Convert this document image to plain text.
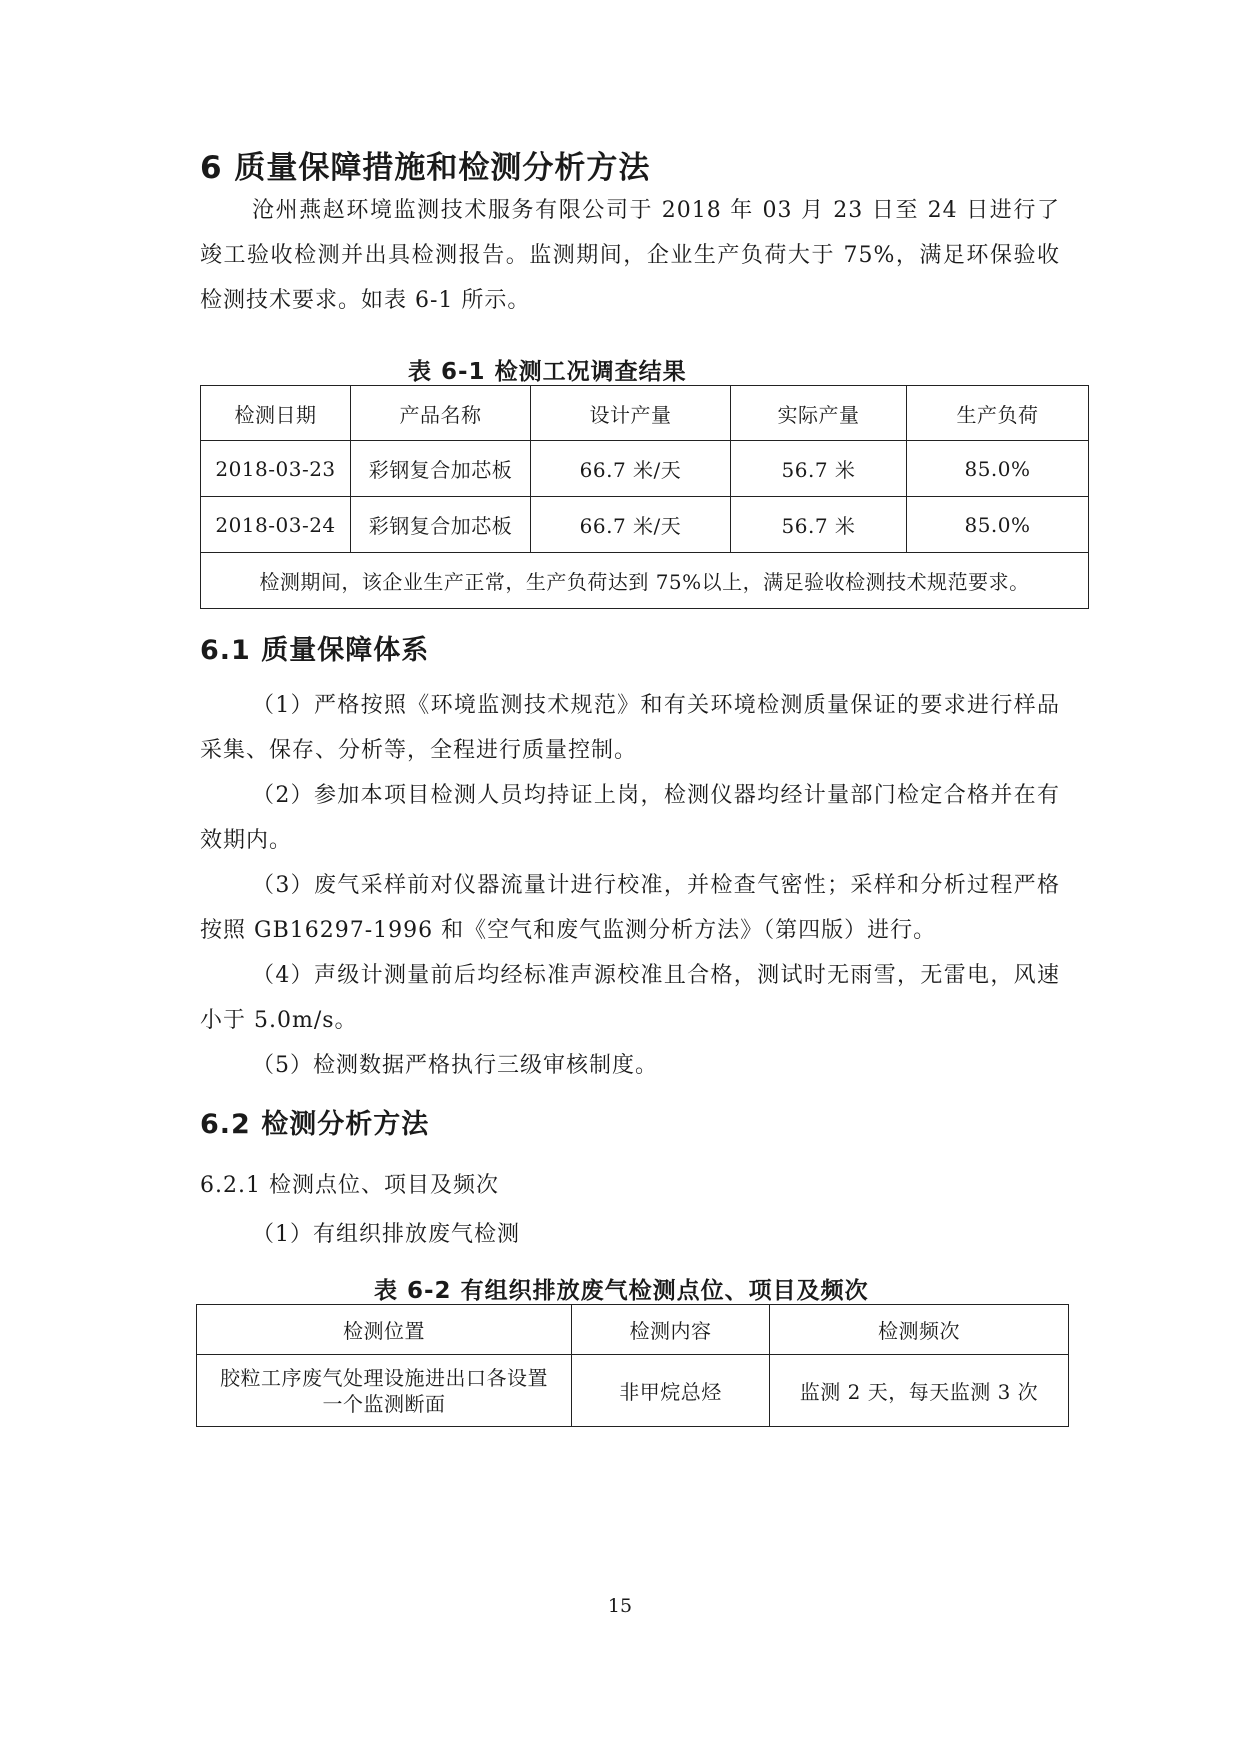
6 质量保障措施和检测分析方法

沧州燕赵环境监测技术服务有限公司于 2018 年 03 月 23 日至 24 日进行了竣工验收检测并出具检测报告。监测期间，企业生产负荷大于 75%，满足环保验收检测技术要求。如表 6-1 所示。

表 6-1 检测工况调查结果

检测日期	产品名称	设计产量	实际产量	生产负荷
2018-03-23	彩钢复合加芯板	66.7 米/天	56.7 米	85.0%
2018-03-24	彩钢复合加芯板	66.7 米/天	56.7 米	85.0%
检测期间，该企业生产正常，生产负荷达到 75%以上，满足验收检测技术规范要求。				
6.1 质量保障体系

（1）严格按照《环境监测技术规范》和有关环境检测质量保证的要求进行样品采集、保存、分析等，全程进行质量控制。

（2）参加本项目检测人员均持证上岗，检测仪器均经计量部门检定合格并在有效期内。

（3）废气采样前对仪器流量计进行校准，并检查气密性；采样和分析过程严格按照 GB16297-1996 和《空气和废气监测分析方法》（第四版）进行。

（4）声级计测量前后均经标准声源校准且合格，测试时无雨雪，无雷电，风速小于 5.0m/s。

（5）检测数据严格执行三级审核制度。

6.2 检测分析方法

6.2.1 检测点位、项目及频次

（1）有组织排放废气检测

表 6-2 有组织排放废气检测点位、项目及频次

检测位置	检测内容	检测频次
胶粒工序废气处理设施进出口各设置一个监测断面	非甲烷总烃	监测 2 天，每天监测 3 次

15
